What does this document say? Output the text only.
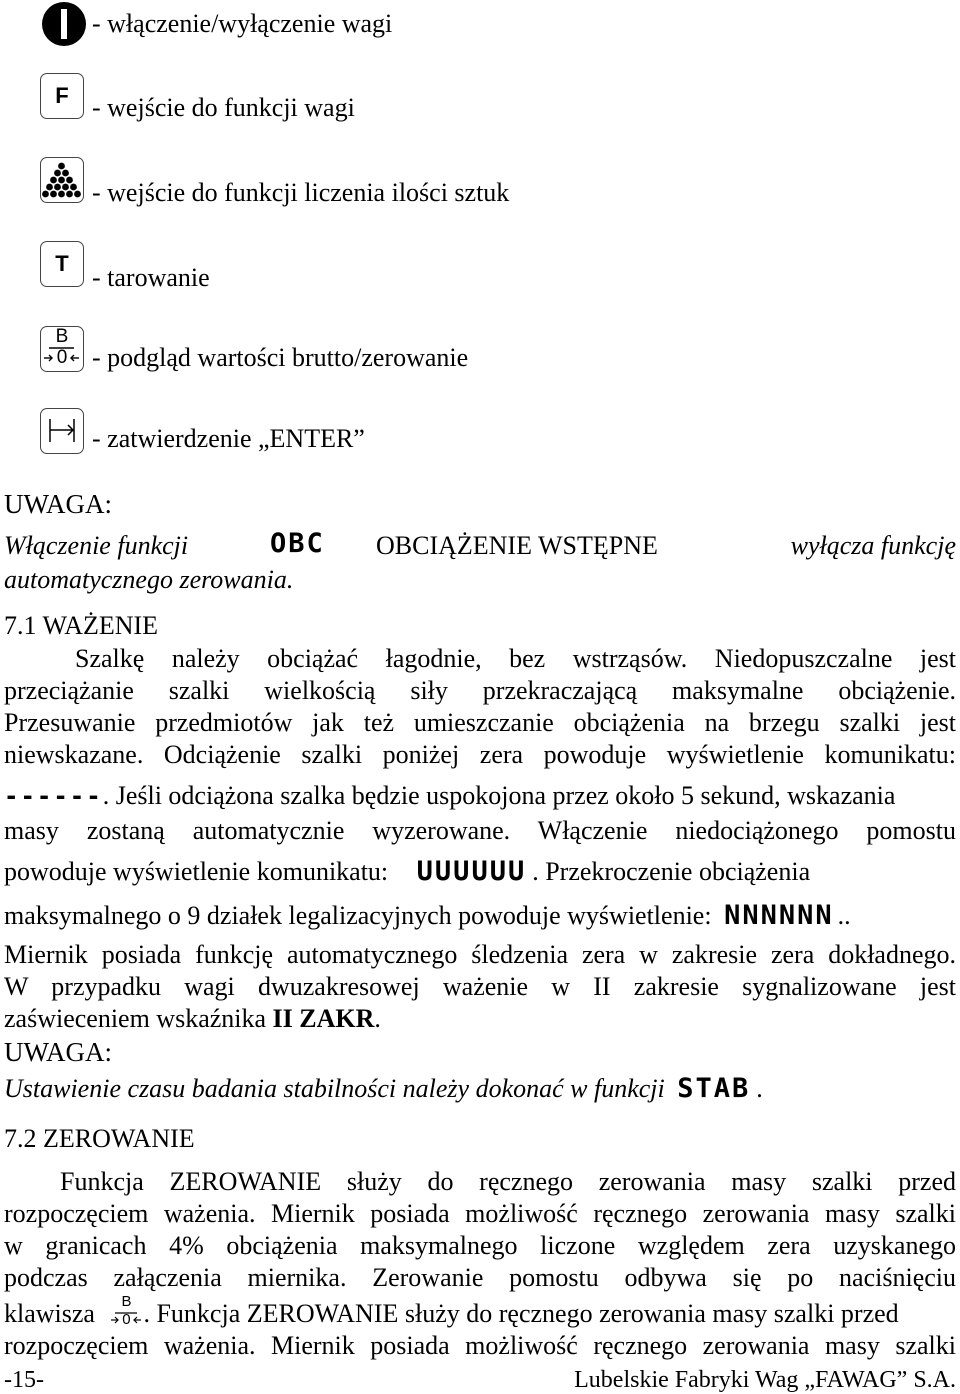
- włączenie/wyłączenie wagi
F - wejście do funkcji wagi
- wejście do funkcji liczenia ilości sztuk
T - tarowanie
B
0 - podgląd wartości brutto/zerowanie
- zatwierdzenie „ENTER”
UWAGA:
Włączenie funkcji	OBC OBCIĄŻENIE WSTĘPNE	wyłącza funkcję
automatycznego zerowania.
7.1 WAŻENIE
Szalkę należy obciążać łagodnie, bez wstrząsów. Niedopuszczalne jest
przeciążanie szalki wielkością siły przekraczającą maksymalne obciążenie.
Przesuwanie przedmiotów jak też umieszczanie obciążenia na brzegu szalki jest
niewskazane. Odciążenie szalki poniżej zera powoduje wyświetlenie komunikatu:
------. Jeśli odciążona szalka będzie uspokojona przez około 5 sekund, wskazania
masy zostaną automatycznie wyzerowane. Włączenie niedociążonego pomostu
powoduje wyświetlenie komunikatu: UUUUUU . Przekroczenie obciążenia
maksymalnego o 9 działek legalizacyjnych powoduje wyświetlenie: NNNNNN ..
Miernik posiada funkcję automatycznego śledzenia zera w zakresie zera dokładnego.
W przypadku wagi dwuzakresowej ważenie w II zakresie sygnalizowane jest
zaświeceniem wskaźnika II ZAKR.
UWAGA:
Ustawienie czasu badania stabilności należy dokonać w funkcji STAB .
7.2 ZEROWANIE
Funkcja ZEROWANIE służy do ręcznego zerowania masy szalki przed
rozpoczęciem ważenia. Miernik posiada możliwość ręcznego zerowania masy szalki
w granicach 4% obciążenia maksymalnego liczone względem zera uzyskanego
podczas załączenia miernika. Zerowanie pomostu odbywa się po naciśnięciu
klawisza	B
0 . Funkcja ZEROWANIE służy do ręcznego zerowania masy szalki przed
rozpoczęciem ważenia. Miernik posiada możliwość ręcznego zerowania masy szalki
-15-	Lubelskie Fabryki Wag „FAWAG” S.A.
